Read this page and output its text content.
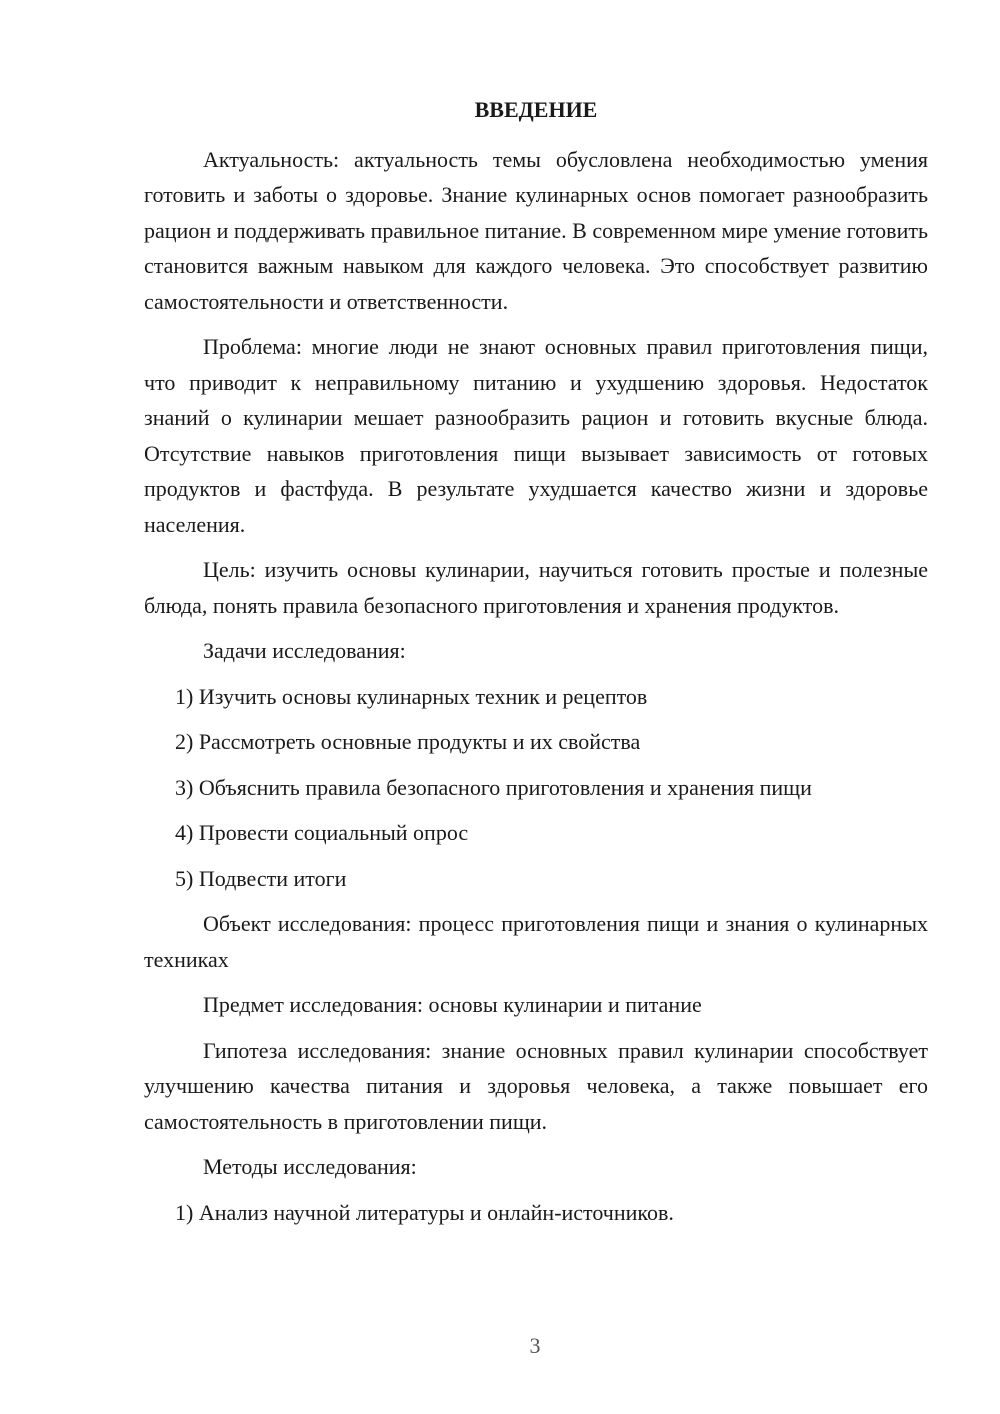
ВВЕДЕНИЕ

Актуальность: актуальность темы обусловлена необходимостью умения готовить и заботы о здоровье. Знание кулинарных основ помогает разнообразить рацион и поддерживать правильное питание. В современном мире умение готовить становится важным навыком для каждого человека. Это способствует развитию самостоятельности и ответственности.

Проблема: многие люди не знают основных правил приготовления пищи, что приводит к неправильному питанию и ухудшению здоровья. Недостаток знаний о кулинарии мешает разнообразить рацион и готовить вкусные блюда. Отсутствие навыков приготовления пищи вызывает зависимость от готовых продуктов и фастфуда. В результате ухудшается качество жизни и здоровье населения.

Цель: изучить основы кулинарии, научиться готовить простые и полезные блюда, понять правила безопасного приготовления и хранения продуктов.

Задачи исследования:

1) Изучить основы кулинарных техник и рецептов

2) Рассмотреть основные продукты и их свойства

3) Объяснить правила безопасного приготовления и хранения пищи

4) Провести социальный опрос

5) Подвести итоги

Объект исследования: процесс приготовления пищи и знания о кулинарных техниках

Предмет исследования: основы кулинарии и питание

Гипотеза исследования: знание основных правил кулинарии способствует улучшению качества питания и здоровья человека, а также повышает его самостоятельность в приготовлении пищи.

Методы исследования:

1) Анализ научной литературы и онлайн-источников.

3
